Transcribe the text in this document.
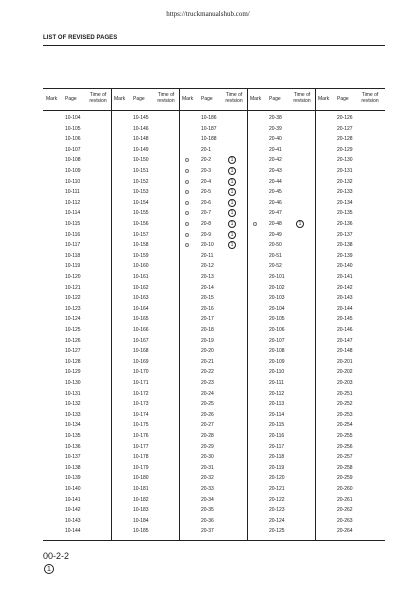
https://truckmanualshub.com/
LIST OF REVISED PAGES
00-2-2
1
Mark Page
Time of revision
10-104
10-105
10-106
10-107
10-108
10-109
10-110
10-111
10-112
10-114
10-115
10-116
10-117
10-118
10-119
10-120
10-121
10-122
10-123
10-124
10-125
10-126
10-127
10-128
10-129
10-130
10-131
10-132
10-133
10-134
10-135
10-136
10-137
10-138
10-139
10-140
10-141
10-142
10-143
10-144
Mark Page
Time of revision
10-145
10-146
10-148
10-149
10-150
10-151
10-152
10-153
10-154
10-155
10-156
10-157
10-158
10-159
10-160
10-161
10-162
10-163
10-164
10-165
10-166
10-167
10-168
10-169
10-170
10-171
10-172
10-173
10-174
10-175
10-176
10-177
10-178
10-179
10-180
10-181
10-182
10-183
10-184
10-185
Mark Page
Time of revision
10-186
10-187
10-188
20-1
20-2
20-3
20-4
20-5
20-6
20-7
20-8
20-9
20-10
20-11
20-12
20-13
20-14
20-15
20-16
20-17
20-18
20-19
20-20
20-21
20-22
20-23
20-24
20-25
20-26
20-27
20-28
20-29
20-30
20-31
20-32
20-33
20-34
20-35
20-36
20-37
1
1
1
1
1
1
1
1
1
Mark Page
Time of revision
20-38
20-39
20-40
20-41
20-42
20-43
20-44
20-45
20-46
20-47
20-48
20-49
20-50
20-51
20-52
20-101
20-102
20-103
20-104
20-105
20-106
20-107
20-108
20-109
20-110
20-111
20-112
20-113
20-114
20-115
20-116
20-117
20-118
20-119
20-120
20-121
20-122
20-123
20-124
20-125
1
Mark Page
Time of revision
20-126
20-127
20-128
20-129
20-130
20-131
20-132
20-133
20-134
20-135
20-136
20-137
20-138
20-139
20-140
20-141
20-142
20-143
20-144
20-145
20-146
20-147
20-148
20-201
20-202
20-203
20-251
20-252
20-253
20-254
20-255
20-256
20-257
20-258
20-259
20-260
20-261
20-262
20-263
20-264
